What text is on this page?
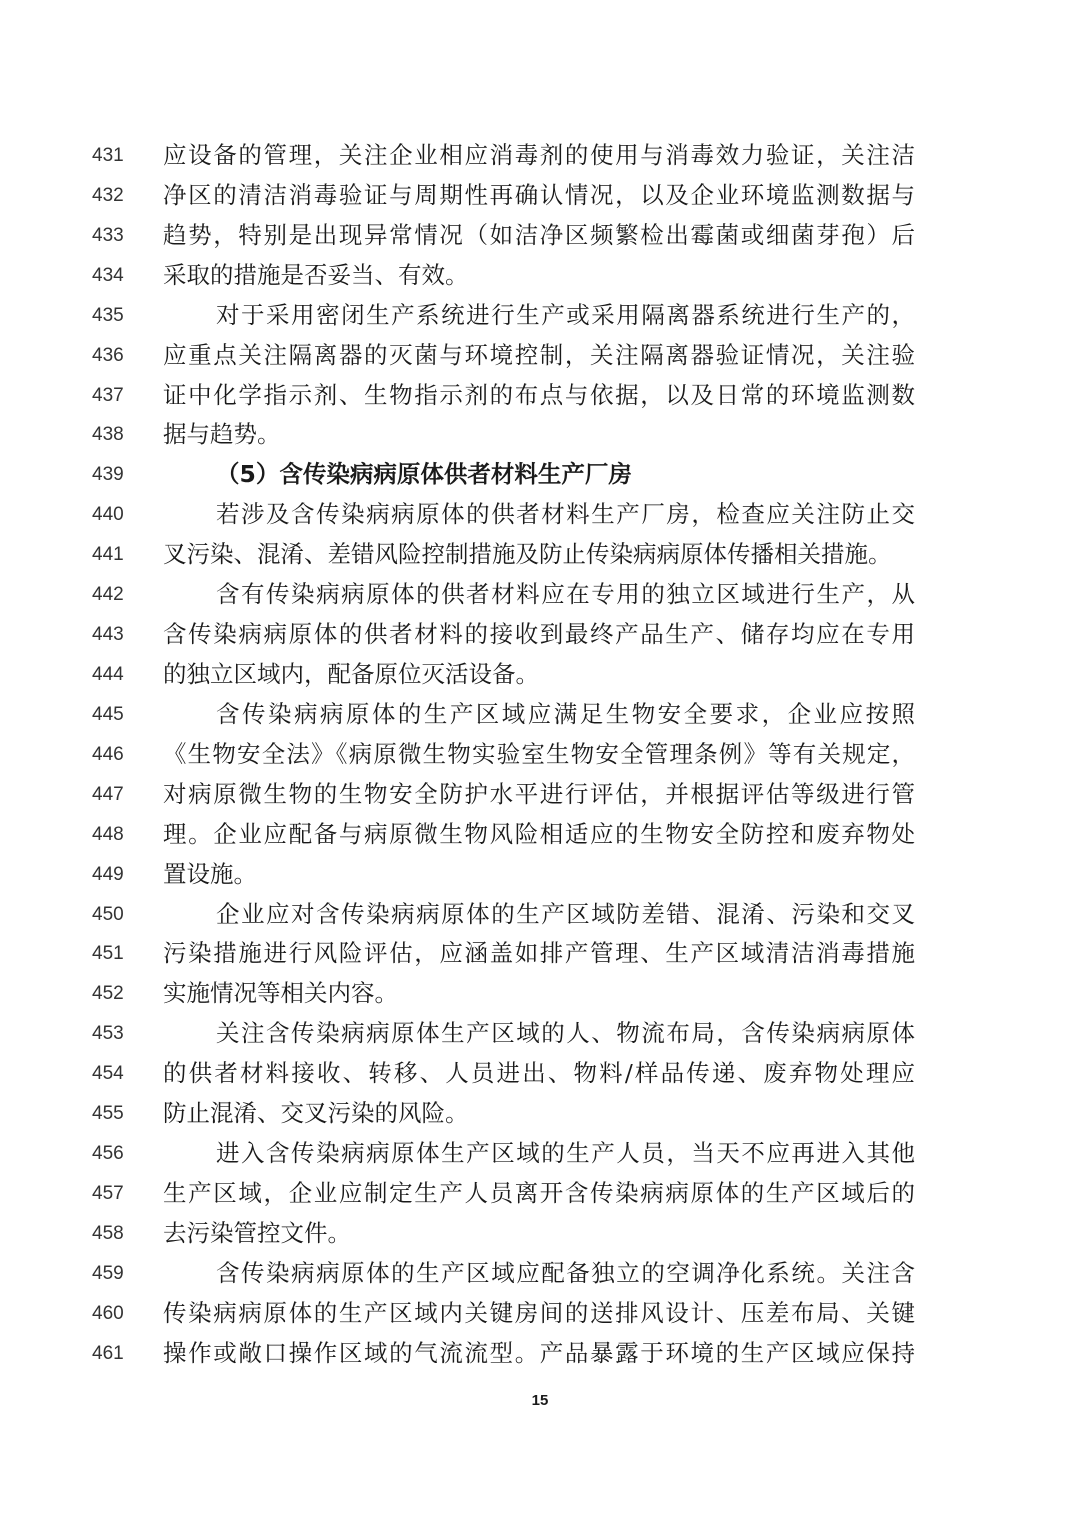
431	应设备的管理，关注企业相应消毒剂的使用与消毒效力验证，关注洁
432	净区的清洁消毒验证与周期性再确认情况，以及企业环境监测数据与
433	趋势，特别是出现异常情况（如洁净区频繁检出霉菌或细菌芽孢）后
434	采取的措施是否妥当、有效。
435	对于采用密闭生产系统进行生产或采用隔离器系统进行生产的，
436	应重点关注隔离器的灭菌与环境控制，关注隔离器验证情况，关注验
437	证中化学指示剂、生物指示剂的布点与依据，以及日常的环境监测数
438	据与趋势。
439	（5）含传染病病原体供者材料生产厂房
440	若涉及含传染病病原体的供者材料生产厂房，检查应关注防止交
441	叉污染、混淆、差错风险控制措施及防止传染病病原体传播相关措施。
442	含有传染病病原体的供者材料应在专用的独立区域进行生产，从
443	含传染病病原体的供者材料的接收到最终产品生产、储存均应在专用
444	的独立区域内，配备原位灭活设备。
445	含传染病病原体的生产区域应满足生物安全要求，企业应按照
446	《生物安全法》《病原微生物实验室生物安全管理条例》等有关规定，
447	对病原微生物的生物安全防护水平进行评估，并根据评估等级进行管
448	理。企业应配备与病原微生物风险相适应的生物安全防控和废弃物处
449	置设施。
450	企业应对含传染病病原体的生产区域防差错、混淆、污染和交叉
451	污染措施进行风险评估，应涵盖如排产管理、生产区域清洁消毒措施
452	实施情况等相关内容。
453	关注含传染病病原体生产区域的人、物流布局，含传染病病原体
454	的供者材料接收、转移、人员进出、物料/样品传递、废弃物处理应
455	防止混淆、交叉污染的风险。
456	进入含传染病病原体生产区域的生产人员，当天不应再进入其他
457	生产区域，企业应制定生产人员离开含传染病病原体的生产区域后的
458	去污染管控文件。
459	含传染病病原体的生产区域应配备独立的空调净化系统。关注含
460	传染病病原体的生产区域内关键房间的送排风设计、压差布局、关键
461	操作或敞口操作区域的气流流型。产品暴露于环境的生产区域应保持
15
